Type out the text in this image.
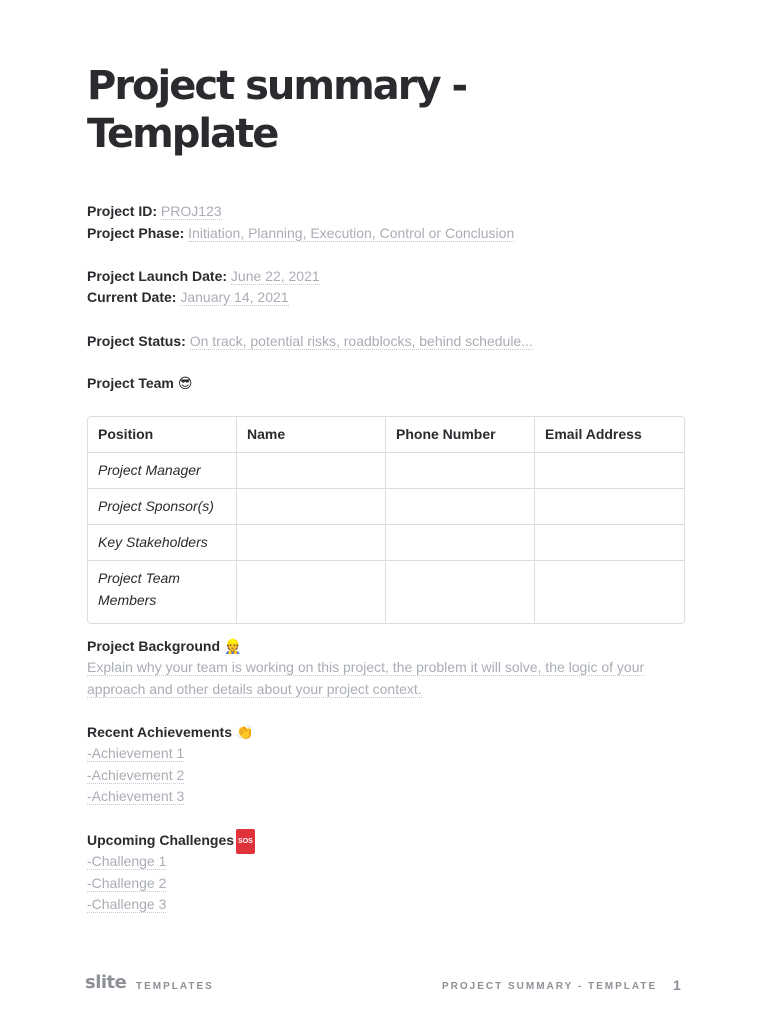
Project summary -
Template
Project ID: PROJ123
Project Phase: Initiation, Planning, Execution, Control or Conclusion
Project Launch Date: June 22, 2021
Current Date: January 14, 2021
Project Status: On track, potential risks, roadblocks, behind schedule...
Project Team 😎
Position	Name	Phone Number	Email Address
Project Manager			
Project Sponsor(s)			
Key Stakeholders			
Project Team Members			
Project Background 👷
Explain why your team is working on this project, the problem it will solve, the logic of your approach and other details about your project context.
Recent Achievements 👏
-Achievement 1
-Achievement 2
-Achievement 3
Upcoming Challenges SOS
-Challenge 1
-Challenge 2
-Challenge 3
slite TEMPLATES	PROJECT SUMMARY - TEMPLATE 1
